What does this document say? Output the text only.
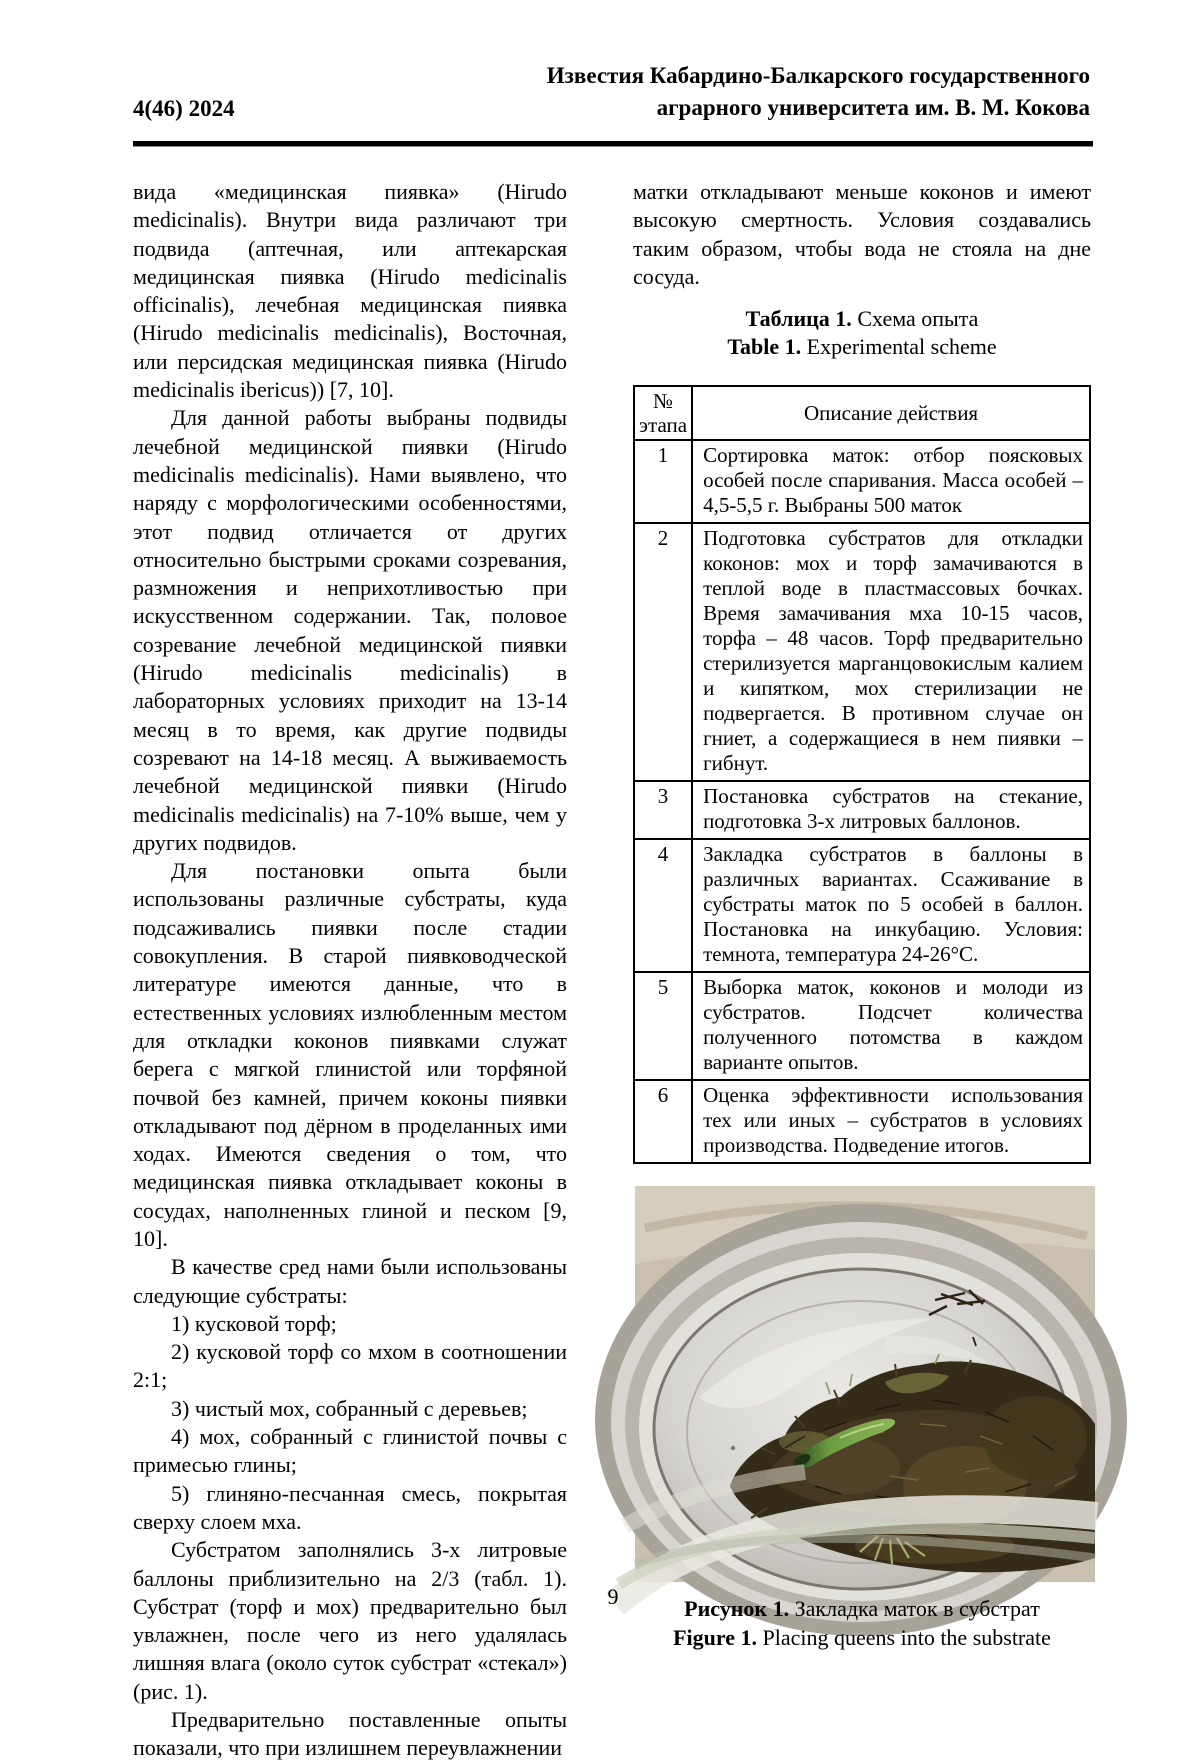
4(46) 2024
Известия Кабардино-Балкарского государственного
аграрного университета им. В. М. Кокова

вида «медицинская пиявка» (Hirudo medicinalis). Внутри вида различают три подвида (аптечная, или аптекарская медицинская пиявка (Hirudo medicinalis officinalis), лечебная медицинская пиявка (Hirudo medicinalis medicinalis), Восточная, или персидская медицинская пиявка (Hirudo medicinalis ibericus)) [7, 10].

Для данной работы выбраны подвиды лечебной медицинской пиявки (Hirudo medicinalis medicinalis). Нами выявлено, что наряду с морфологическими особенностями, этот подвид отличается от других относительно быстрыми сроками созревания, размножения и неприхотливостью при искусственном содержании. Так, половое созревание лечебной медицинской пиявки (Hirudo medicinalis medicinalis) в лабораторных условиях приходит на 13-14 месяц в то время, как другие подвиды созревают на 14-18 месяц. А выживаемость лечебной медицинской пиявки (Hirudo medicinalis medicinalis) на 7-10% выше, чем у других подвидов.

Для постановки опыта были использованы различные субстраты, куда подсаживались пиявки после стадии совокупления. В старой пиявководческой литературе имеются данные, что в естественных условиях излюбленным местом для откладки коконов пиявками служат берега с мягкой глинистой или торфяной почвой без камней, причем коконы пиявки откладывают под дёрном в проделанных ими ходах. Имеются сведения о том, что медицинская пиявка откладывает коконы в сосудах, наполненных глиной и песком [9, 10].

В качестве сред нами были использованы следующие субстраты:

1) кусковой торф;

2) кусковой торф со мхом в соотношении 2:1;

3) чистый мох, собранный с деревьев;

4) мох, собранный с глинистой почвы с примесью глины;

5) глиняно-песчанная смесь, покрытая сверху слоем мха.

Субстратом заполнялись 3-х литровые баллоны приблизительно на 2/3 (табл. 1). Субстрат (торф и мох) предварительно был увлажнен, после чего из него удалялась лишняя влага (около суток субстрат «стекал») (рис. 1).

Предварительно поставленные опыты показали, что при излишнем переувлажнении

матки откладывают меньше коконов и имеют высокую смертность. Условия создавались таким образом, чтобы вода не стояла на дне сосуда.

Таблица 1. Схема опыта
Table 1. Experimental scheme
№
этапа	Описание действия

1	Сортировка маток: отбор поясковых особей после спаривания. Масса особей – 4,5-5,5 г. Выбраны 500 маток
2	Подготовка субстратов для откладки коконов: мох и торф замачиваются в теплой воде в пластмассовых бочках. Время замачивания мха 10-15 часов, торфа – 48 часов. Торф предварительно стерилизуется марганцовокислым калием и кипятком, мох стерилизации не подвергается. В противном случае он гниет, а содержащиеся в нем пиявки – гибнут.
3	Постановка субстратов на стекание, подготовка 3-х литровых баллонов.
4	Закладка субстратов в баллоны в различных вариантах. Ссаживание в субстраты маток по 5 особей в баллон. Постановка на инкубацию. Условия: темнота, температура 24-26°С.
5	Выборка маток, коконов и молоди из субстратов. Подсчет количества полученного потомства в каждом варианте опытов.
6	Оценка эффективности использования тех или иных – субстратов в условиях производства. Подведение итогов.
Рисунок 1. Закладка маток в субстрат
Figure 1. Placing queens into the substrate
9
